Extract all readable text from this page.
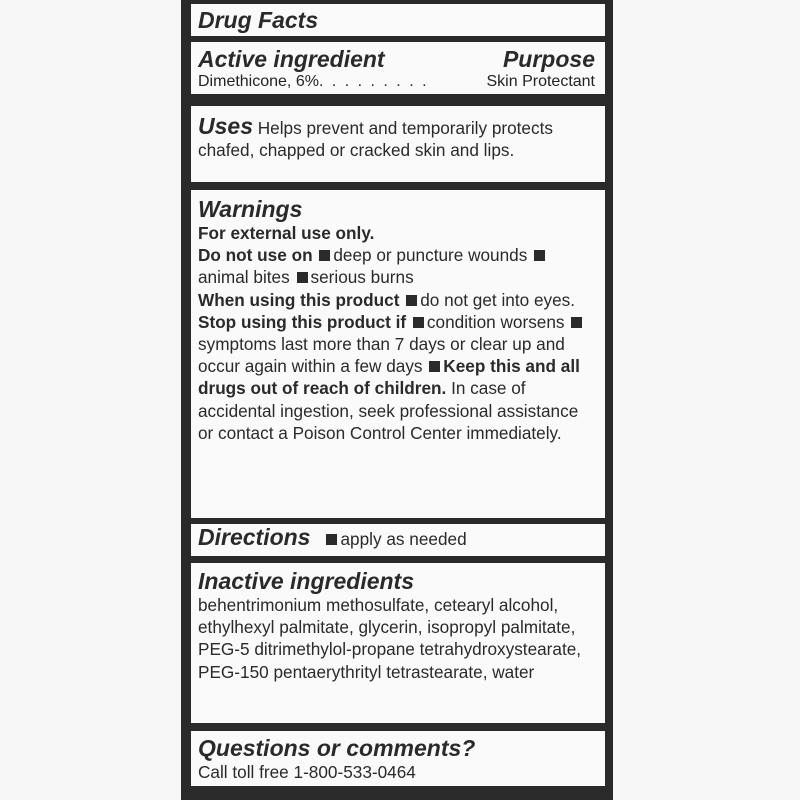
Drug Facts
Active ingredient	Purpose
Dimethicone, 6% . . . . . . . . .	Skin Protectant
Uses Helps prevent and temporarily protects chafed, chapped or cracked skin and lips.
Warnings
For external use only.
Do not use on deep or puncture wounds animal bites serious burns
When using this product do not get into eyes.
Stop using this product if condition worsens symptoms last more than 7 days or clear up and occur again within a few days Keep this and all drugs out of reach of children. In case of accidental ingestion, seek professional assistance or contact a Poison Control Center immediately.
Directions	apply as needed
Inactive ingredients
behentrimonium methosulfate, cetearyl alcohol, ethylhexyl palmitate, glycerin, isopropyl palmitate, PEG-5 ditrimethylol-propane tetrahydroxystearate, PEG-150 pentaerythrityl tetrastearate, water
Questions or comments?
Call toll free 1-800-533-0464
